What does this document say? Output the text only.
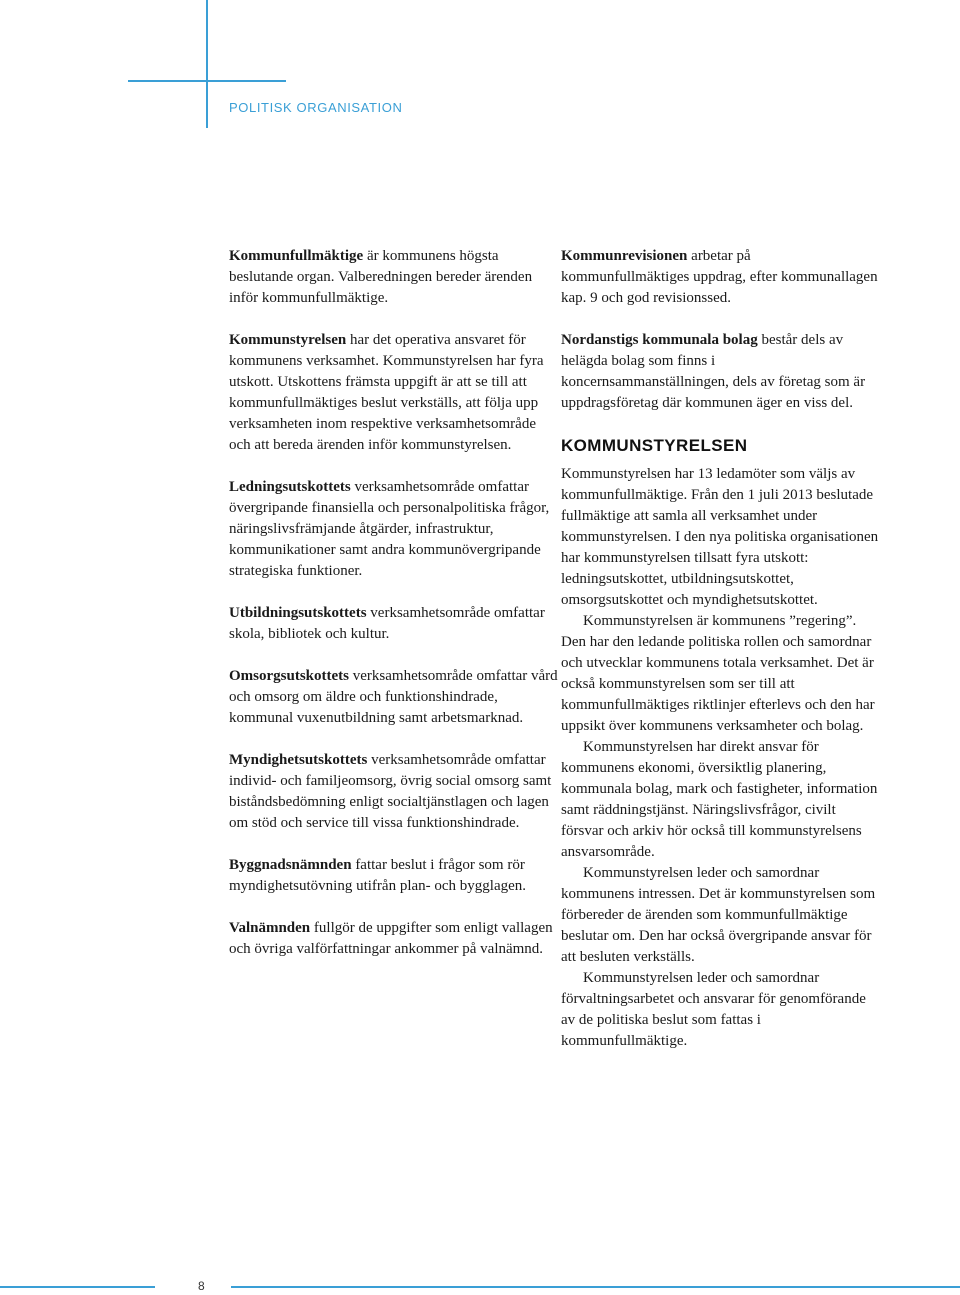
POLITISK ORGANISATION

Kommunfullmäktige är kommunens högsta beslutande organ. Valberedningen bereder ärenden inför kommunfullmäktige.

Kommunstyrelsen har det operativa ansvaret för kommunens verksamhet. Kommunstyrelsen har fyra utskott. Utskottens främsta uppgift är att se till att kommunfullmäktiges beslut verkställs, att följa upp verksamheten inom respektive verksamhetsområde och att bereda ärenden inför kommunstyrelsen.

Ledningsutskottets verksamhetsområde omfattar övergripande finansiella och personalpolitiska frågor, näringslivsfrämjande åtgärder, infrastruktur, kommunikationer samt andra kommunövergripande strategiska funktioner.

Utbildningsutskottets verksamhetsområde omfattar skola, bibliotek och kultur.

Omsorgsutskottets verksamhetsområde omfattar vård och omsorg om äldre och funktionshindrade, kommunal vuxenutbildning samt arbetsmarknad.

Myndighetsutskottets verksamhetsområde omfattar individ- och familjeomsorg, övrig social omsorg samt biståndsbedömning enligt socialtjänstlagen och lagen om stöd och service till vissa funktionshindrade.

Byggnadsnämnden fattar beslut i frågor som rör myndighetsutövning utifrån plan- och bygglagen.

Valnämnden fullgör de uppgifter som enligt vallagen och övriga valförfattningar ankommer på valnämnd.

Kommunrevisionen arbetar på kommunfullmäktiges uppdrag, efter kommunallagen kap. 9 och god revisionssed.

Nordanstigs kommunala bolag består dels av helägda bolag som finns i koncernsammanställningen, dels av företag som är uppdragsföretag där kommunen äger en viss del.

KOMMUNSTYRELSEN

Kommunstyrelsen har 13 ledamöter som väljs av kommunfullmäktige. Från den 1 juli 2013 beslutade fullmäktige att samla all verksamhet under kommunstyrelsen. I den nya politiska organisationen har kommunstyrelsen tillsatt fyra utskott: ledningsutskottet, utbildningsutskottet, omsorgsutskottet och myndighetsutskottet.

Kommunstyrelsen är kommunens ”regering”. Den har den ledande politiska rollen och samordnar och utvecklar kommunens totala verksamhet. Det är också kommunstyrelsen som ser till att kommunfullmäktiges riktlinjer efterlevs och den har uppsikt över kommunens verksamheter och bolag.

Kommunstyrelsen har direkt ansvar för kommunens ekonomi, översiktlig planering, kommunala bolag, mark och fastigheter, information samt räddningstjänst. Näringslivsfrågor, civilt försvar och arkiv hör också till kommunstyrelsens ansvarsområde.

Kommunstyrelsen leder och samordnar kommunens intressen. Det är kommunstyrelsen som förbereder de ärenden som kommunfullmäktige beslutar om. Den har också övergripande ansvar för att besluten verkställs.

Kommunstyrelsen leder och samordnar förvaltningsarbetet och ansvarar för genomförande av de politiska beslut som fattas i kommunfullmäktige.

8
